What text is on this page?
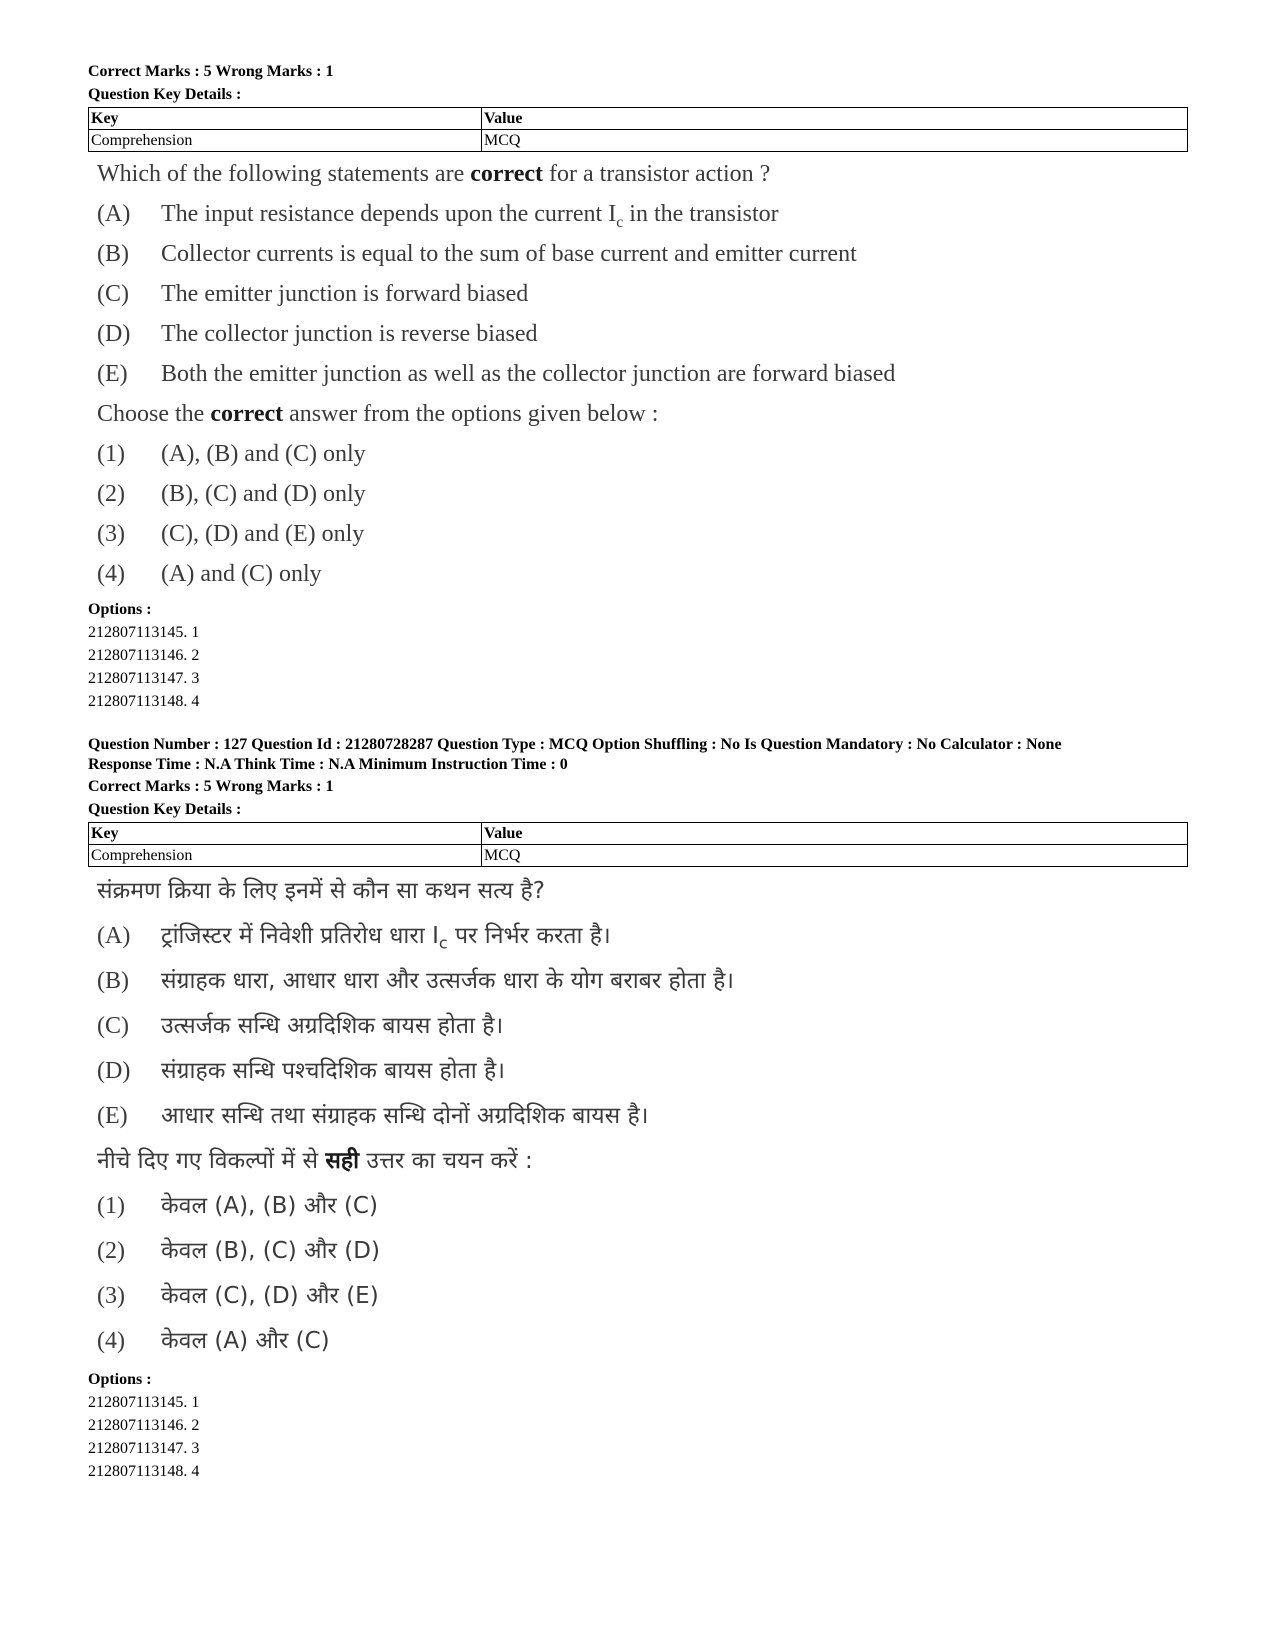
Correct Marks : 5 Wrong Marks : 1
Question Key Details :
Key	Value
Comprehension	MCQ
Which of the following statements are correct for a transistor action ?
(A)	The input resistance depends upon the current $I_c$ in the transistor
(B)	Collector currents is equal to the sum of base current and emitter current
(C)	The emitter junction is forward biased
(D)	The collector junction is reverse biased
(E)	Both the emitter junction as well as the collector junction are forward biased
Choose the correct answer from the options given below :
(1)	(A), (B) and (C) only
(2)	(B), (C) and (D) only
(3)	(C), (D) and (E) only
(4)	(A) and (C) only
Options :
212807113145. 1
212807113146. 2
212807113147. 3
212807113148. 4
Question Number : 127 Question Id : 21280728287 Question Type : MCQ Option Shuffling : No Is Question Mandatory : No Calculator : None
Response Time : N.A Think Time : N.A Minimum Instruction Time : 0
Correct Marks : 5 Wrong Marks : 1
Question Key Details :
Key	Value
Comprehension	MCQ
संक्रमण क्रिया के लिए इनमें से कौन सा कथन सत्य है?
(A)	ट्रांजिस्टर में निवेशी प्रतिरोध धारा $I_c$ पर निर्भर करता है।
(B)	संग्राहक धारा, आधार धारा और उत्सर्जक धारा के योग बराबर होता है।
(C)	उत्सर्जक सन्धि अग्रदिशिक बायस होता है।
(D)	संग्राहक सन्धि पश्चदिशिक बायस होता है।
(E)	आधार सन्धि तथा संग्राहक सन्धि दोनों अग्रदिशिक बायस है।
नीचे दिए गए विकल्पों में से सही उत्तर का चयन करें :
(1)	केवल (A), (B) और (C)
(2)	केवल (B), (C) और (D)
(3)	केवल (C), (D) और (E)
(4)	केवल (A) और (C)
Options :
212807113145. 1
212807113146. 2
212807113147. 3
212807113148. 4
